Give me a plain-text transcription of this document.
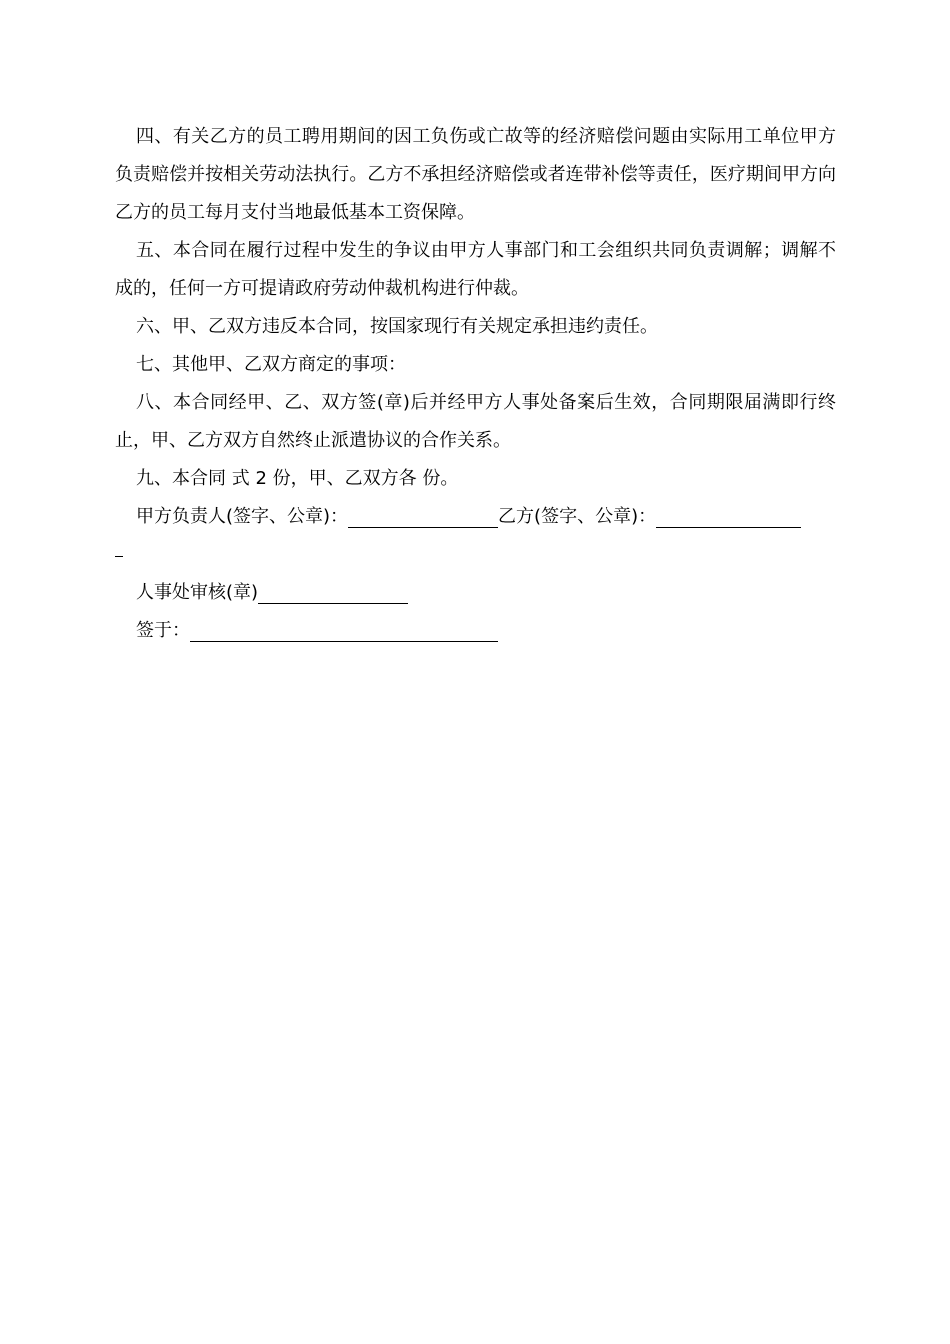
四、有关乙方的员工聘用期间的因工负伤或亡故等的经济赔偿问题由实际用工单位甲方负责赔偿并按相关劳动法执行。乙方不承担经济赔偿或者连带补偿等责任，医疗期间甲方向乙方的员工每月支付当地最低基本工资保障。

五、本合同在履行过程中发生的争议由甲方人事部门和工会组织共同负责调解；调解不成的，任何一方可提请政府劳动仲裁机构进行仲裁。

六、甲、乙双方违反本合同，按国家现行有关规定承担违约责任。

七、其他甲、乙双方商定的事项：

八、本合同经甲、乙、双方签(章)后并经甲方人事处备案后生效，合同期限届满即行终止，甲、乙方双方自然终止派遣协议的合作关系。

九、本合同 式 2 份，甲、乙双方各 份。

甲方负责人(签字、公章)：	乙方(签字、公章)：

人事处审核(章)

签于：
